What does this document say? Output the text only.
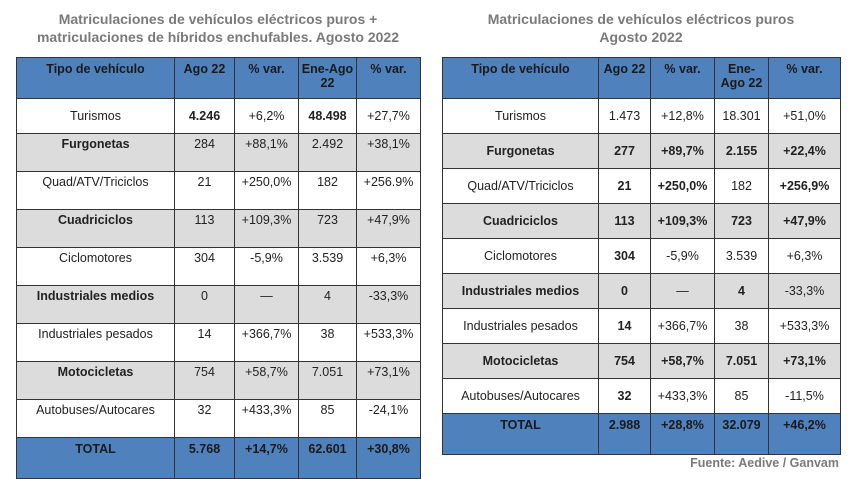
Matriculaciones de vehículos eléctricos puros +
matriculaciones de híbridos enchufables. Agosto 2022
Tipo de vehículo	Ago 22	% var.	Ene-Ago 22	% var.
Turismos	4.246	+6,2%	48.498	+27,7%
Furgonetas	284	+88,1%	2.492	+38,1%
Quad/ATV/Triciclos	21	+250,0%	182	+256.9%
Cuadriciclos	113	+109,3%	723	+47,9%
Ciclomotores	304	-5,9%	3.539	+6,3%
Industriales medios	0	—	4	-33,3%
Industriales pesados	14	+366,7%	38	+533,3%
Motocicletas	754	+58,7%	7.051	+73,1%
Autobuses/Autocares	32	+433,3%	85	-24,1%
TOTAL	5.768	+14,7%	62.601	+30,8%
Matriculaciones de vehículos eléctricos puros
Agosto 2022
Tipo de vehículo	Ago 22	% var.	Ene-Ago 22	% var.
Turismos	1.473	+12,8%	18.301	+51,0%
Furgonetas	277	+89,7%	2.155	+22,4%
Quad/ATV/Triciclos	21	+250,0%	182	+256,9%
Cuadriciclos	113	+109,3%	723	+47,9%
Ciclomotores	304	-5,9%	3.539	+6,3%
Industriales medios	0	—	4	-33,3%
Industriales pesados	14	+366,7%	38	+533,3%
Motocicletas	754	+58,7%	7.051	+73,1%
Autobuses/Autocares	32	+433,3%	85	-11,5%
TOTAL	2.988	+28,8%	32.079	+46,2%
Fuente: Aedive / Ganvam
